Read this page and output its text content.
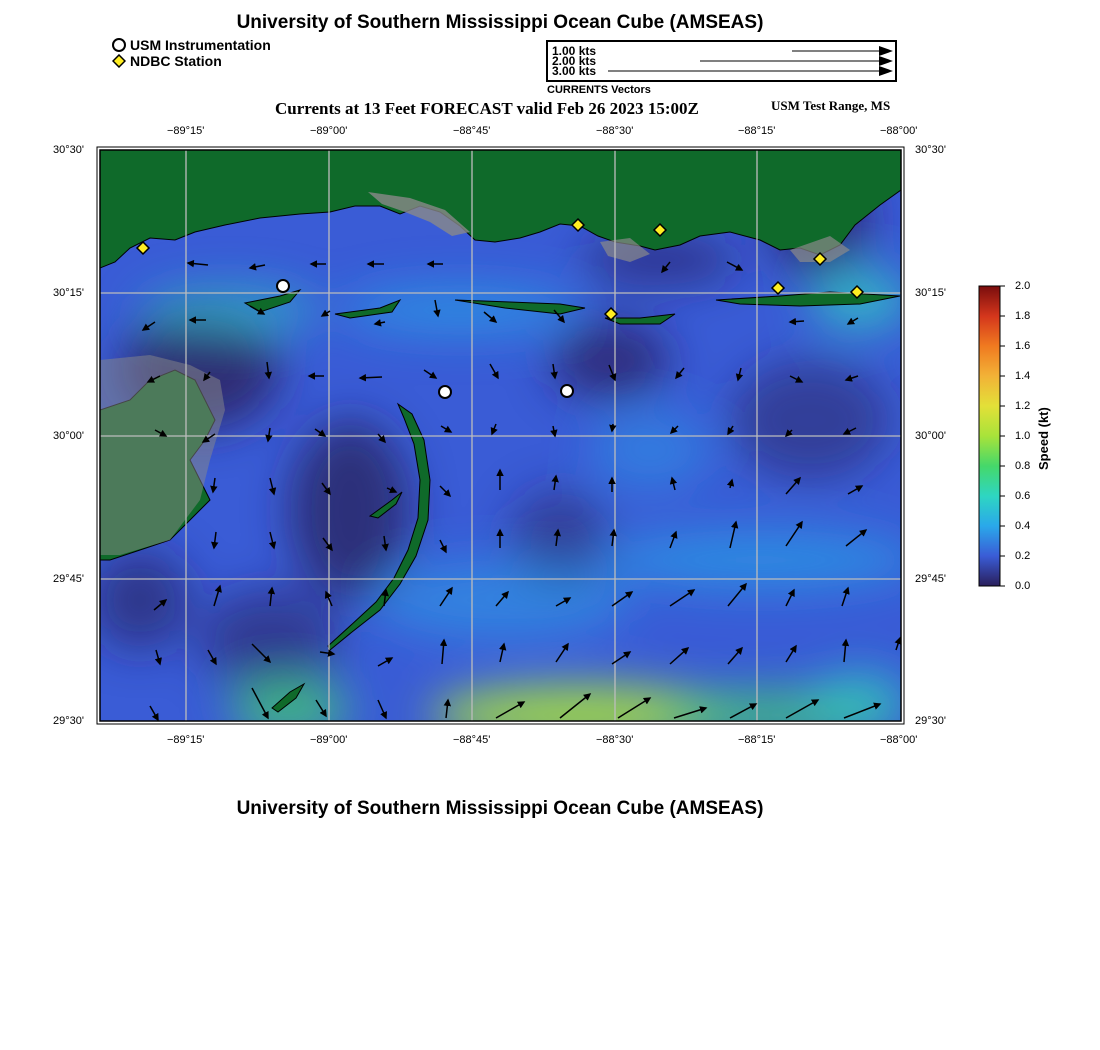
University of Southern Mississippi Ocean Cube (AMSEAS)
USM Instrumentation
NDBC Station
1.00 kts
2.00 kts
3.00 kts
CURRENTS Vectors
Currents at 13 Feet FORECAST valid Feb 26 2023 15:00Z	USM Test Range, MS
−89°15'	−89°00'	−88°45'	−88°30'	−88°15'	−88°00'
−89°15'	−89°00'	−88°45'	−88°30'	−88°15'	−88°00'
30°30'
30°15'
30°00'
29°45'
29°30'
30°30'
30°15'
30°00'
29°45'
29°30'
2.0
1.8
1.6
1.4
1.2
1.0
0.8
0.6
0.4
0.2
0.0
Speed (kt)
University of Southern Mississippi Ocean Cube (AMSEAS)
